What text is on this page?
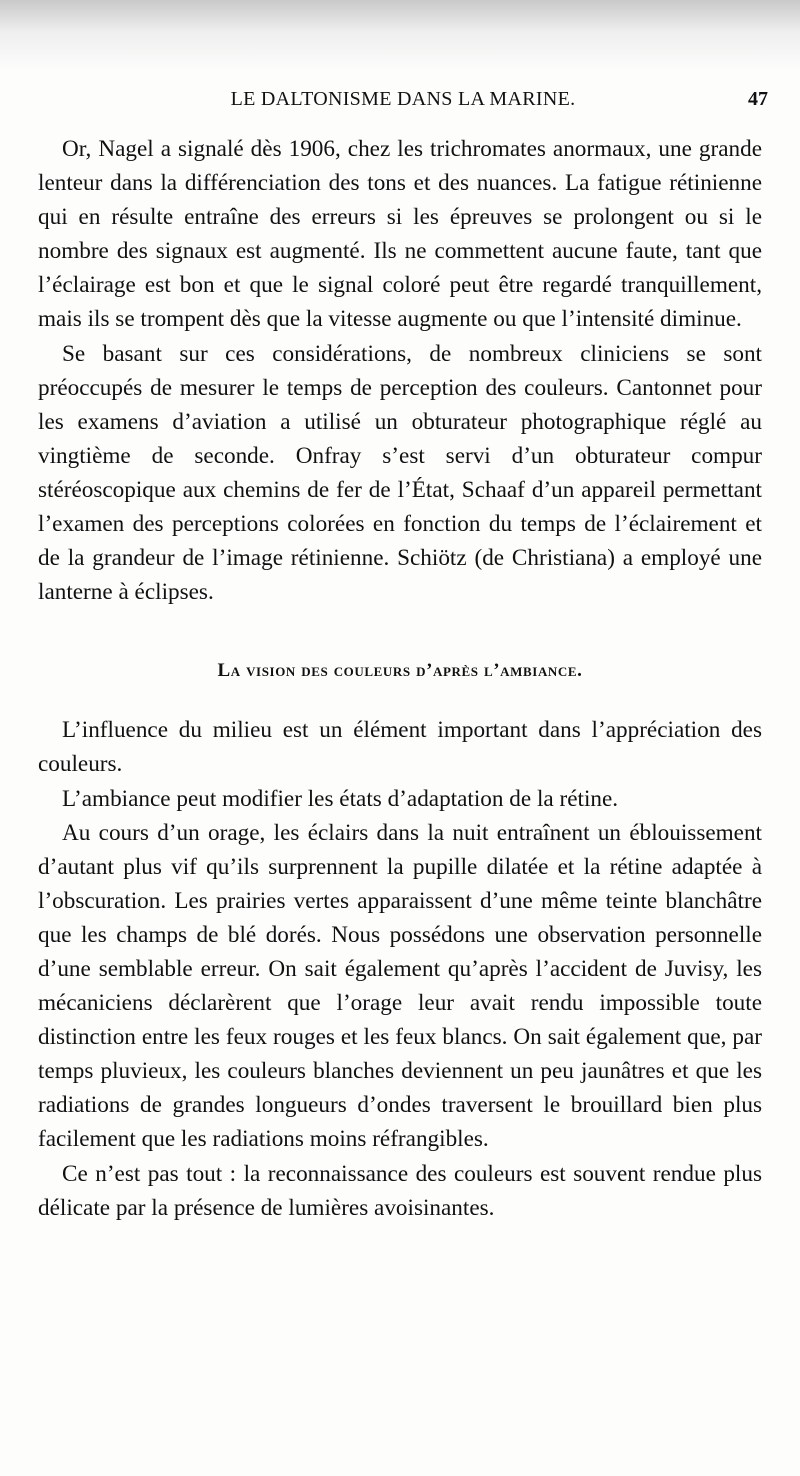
LE DALTONISME DANS LA MARINE.	47

Or, Nagel a signalé dès 1906, chez les trichromates anormaux, une grande lenteur dans la différenciation des tons et des nuances. La fatigue rétinienne qui en résulte entraîne des erreurs si les épreuves se prolongent ou si le nombre des signaux est augmenté. Ils ne commettent aucune faute, tant que l’éclairage est bon et que le signal coloré peut être regardé tranquillement, mais ils se trompent dès que la vitesse augmente ou que l’intensité diminue.

Se basant sur ces considérations, de nombreux cliniciens se sont préoccupés de mesurer le temps de perception des couleurs. Cantonnet pour les examens d’aviation a utilisé un obturateur photographique réglé au vingtième de seconde. Onfray s’est servi d’un obturateur compur stéréoscopique aux chemins de fer de l’État, Schaaf d’un appareil permettant l’examen des perceptions colorées en fonction du temps de l’éclairement et de la grandeur de l’image rétinienne. Schiötz (de Christiana) a employé une lanterne à éclipses.

La vision des couleurs d’après l’ambiance.

L’influence du milieu est un élément important dans l’appréciation des couleurs.

L’ambiance peut modifier les états d’adaptation de la rétine.

Au cours d’un orage, les éclairs dans la nuit entraînent un éblouissement d’autant plus vif qu’ils surprennent la pupille dilatée et la rétine adaptée à l’obscuration. Les prairies vertes apparaissent d’une même teinte blanchâtre que les champs de blé dorés. Nous possédons une observation personnelle d’une semblable erreur. On sait également qu’après l’accident de Juvisy, les mécaniciens déclarèrent que l’orage leur avait rendu impossible toute distinction entre les feux rouges et les feux blancs. On sait également que, par temps pluvieux, les couleurs blanches deviennent un peu jaunâtres et que les radiations de grandes longueurs d’ondes traversent le brouillard bien plus facilement que les radiations moins réfrangibles.

Ce n’est pas tout : la reconnaissance des couleurs est souvent rendue plus délicate par la présence de lumières avoisinantes.
